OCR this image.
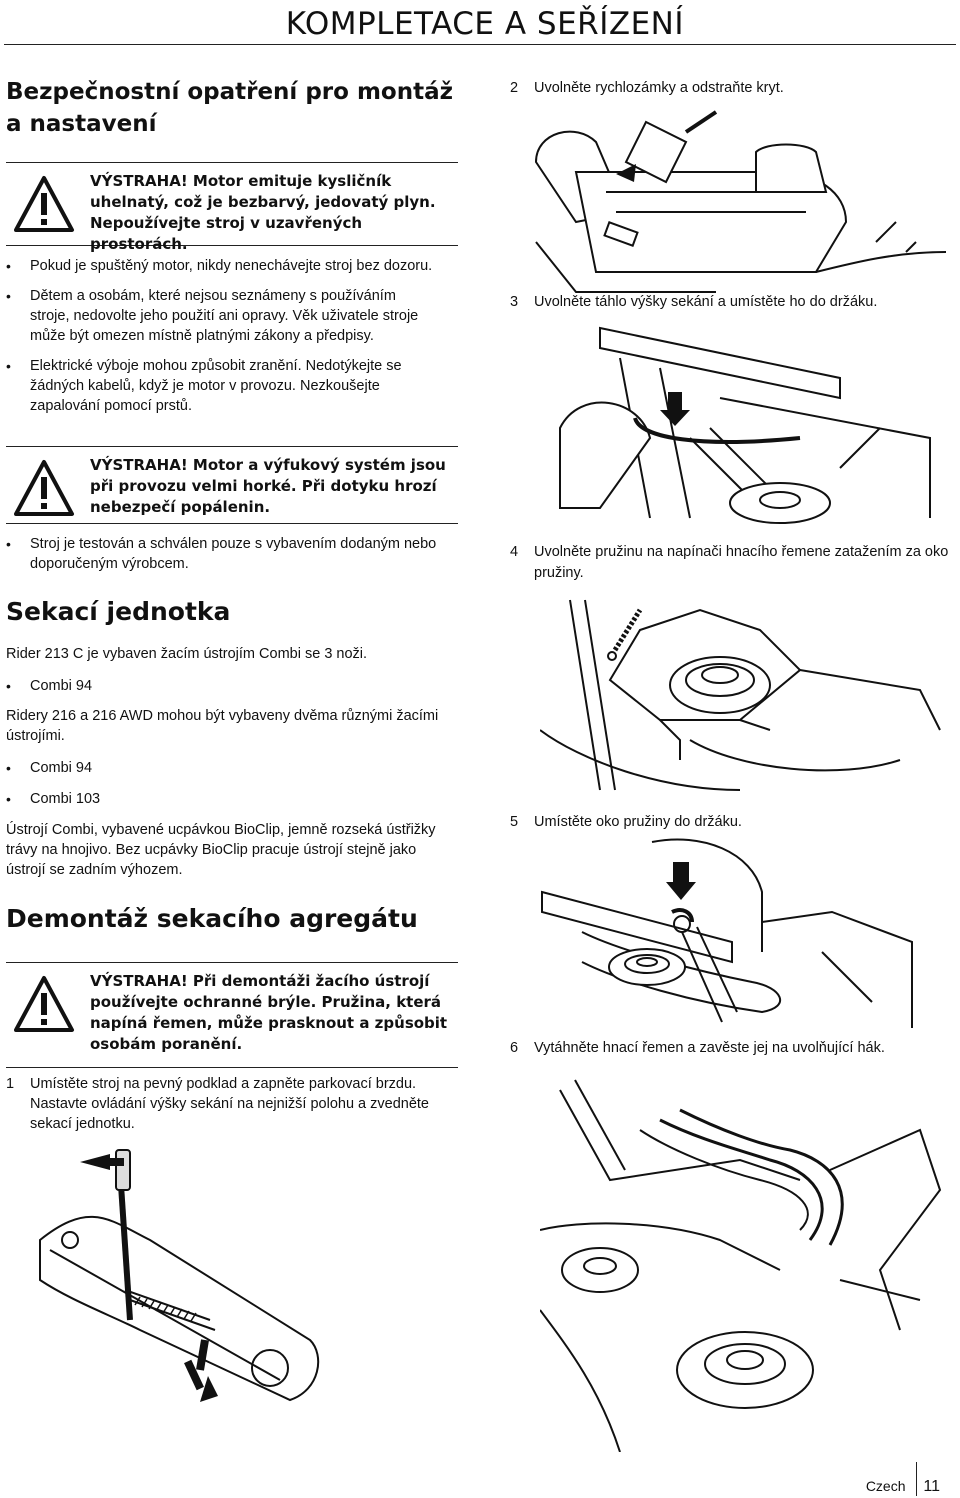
KOMPLETACE A SEŘÍZENÍ
Bezpečnostní opatření pro montáž
a nastavení
VÝSTRAHA! Motor emituje kysličník
uhelnatý, což je bezbarvý, jedovatý plyn.
Nepoužívejte stroj v uzavřených prostorách.
• Pokud je spuštěný motor, nikdy nenechávejte stroj bez dozoru.
• Dětem a osobám, které nejsou seznámeny s používáním stroje, nedovolte jeho použití ani opravy. Věk uživatele stroje může být omezen místně platnými zákony a předpisy.
• Elektrické výboje mohou způsobit zranění. Nedotýkejte se žádných kabelů, když je motor v provozu. Nezkoušejte zapalování pomocí prstů.
VÝSTRAHA! Motor a výfukový systém jsou
při provozu velmi horké. Při dotyku hrozí
nebezpečí popálenin.
• Stroj je testován a schválen pouze s vybavením dodaným nebo doporučeným výrobcem.
Sekací jednotka
Rider 213 C je vybaven žacím ústrojím Combi se 3 noži.
• Combi 94
Ridery 216 a 216 AWD mohou být vybaveny dvěma různými žacími ústrojími.
• Combi 94
• Combi 103
Ústrojí Combi, vybavené ucpávkou BioClip, jemně rozseká ústřižky trávy na hnojivo. Bez ucpávky BioClip pracuje ústrojí stejně jako ústrojí se zadním výhozem.
Demontáž sekacího agregátu
VÝSTRAHA! Při demontáži žacího ústrojí
používejte ochranné brýle. Pružina, která
napíná řemen, může prasknout a způsobit
osobám poranění.
1	Umístěte stroj na pevný podklad a zapněte parkovací brzdu. Nastavte ovládání výšky sekání na nejnižší polohu a zvedněte sekací jednotku.
2	Uvolněte rychlozámky a odstraňte kryt.
3	Uvolněte táhlo výšky sekání a umístěte ho do držáku.
4	Uvolněte pružinu na napínači hnacího řemene zatažením za oko pružiny.
5	Umístěte oko pružiny do držáku.
6	Vytáhněte hnací řemen a zavěste jej na uvolňující hák.
Czech 11
